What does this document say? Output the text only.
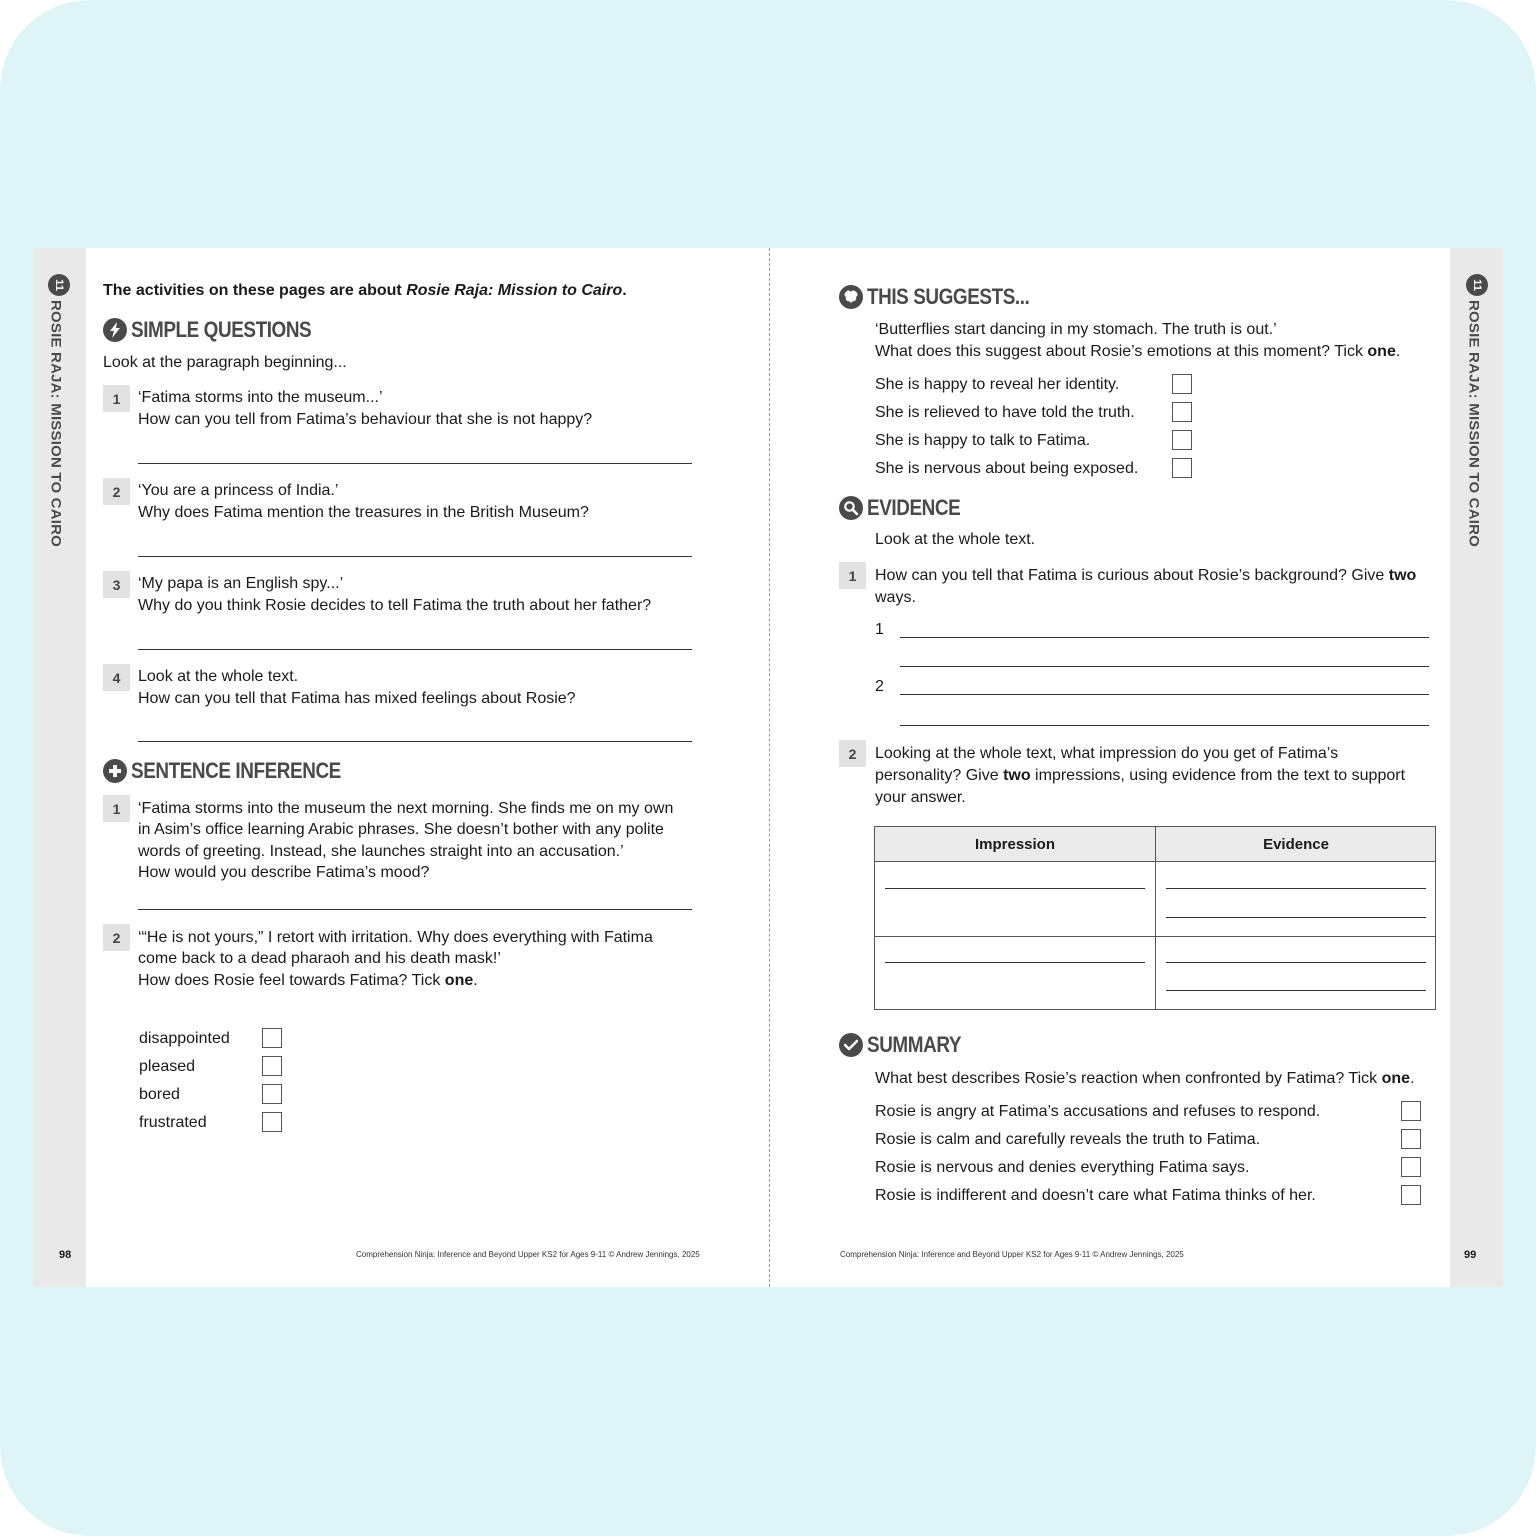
11
ROSIE RAJA: MISSION TO CAIRO
98
11
ROSIE RAJA: MISSION TO CAIRO
99
The activities on these pages are about Rosie Raja: Mission to Cairo.
SIMPLE QUESTIONS
Look at the paragraph beginning...
1	‘Fatima storms into the museum...’
How can you tell from Fatima’s behaviour that she is not happy?
2	‘You are a princess of India.’
Why does Fatima mention the treasures in the British Museum?
3	‘My papa is an English spy...’
Why do you think Rosie decides to tell Fatima the truth about her father?
4	Look at the whole text.
How can you tell that Fatima has mixed feelings about Rosie?
SENTENCE INFERENCE
1	‘Fatima storms into the museum the next morning. She finds me on my own
in Asim’s office learning Arabic phrases. She doesn’t bother with any polite
words of greeting. Instead, she launches straight into an accusation.’
How would you describe Fatima’s mood?
2	‘“He is not yours,” I retort with irritation. Why does everything with Fatima
come back to a dead pharaoh and his death mask!’
How does Rosie feel towards Fatima? Tick one.
disappointed
pleased
bored
frustrated
Comprehension Ninja: Inference and Beyond Upper KS2 for Ages 9-11 © Andrew Jennings, 2025
THIS SUGGESTS...
‘Butterflies start dancing in my stomach. The truth is out.’
What does this suggest about Rosie’s emotions at this moment? Tick one.
She is happy to reveal her identity.
She is relieved to have told the truth.
She is happy to talk to Fatima.
She is nervous about being exposed.
EVIDENCE
Look at the whole text.
1	How can you tell that Fatima is curious about Rosie’s background? Give two
ways.
1
2
2	Looking at the whole text, what impression do you get of Fatima’s
personality? Give two impressions, using evidence from the text to support
your answer.
Impression	Evidence
SUMMARY
What best describes Rosie’s reaction when confronted by Fatima? Tick one.
Rosie is angry at Fatima’s accusations and refuses to respond.
Rosie is calm and carefully reveals the truth to Fatima.
Rosie is nervous and denies everything Fatima says.
Rosie is indifferent and doesn’t care what Fatima thinks of her.
Comprehension Ninja: Inference and Beyond Upper KS2 for Ages 9-11 © Andrew Jennings, 2025
